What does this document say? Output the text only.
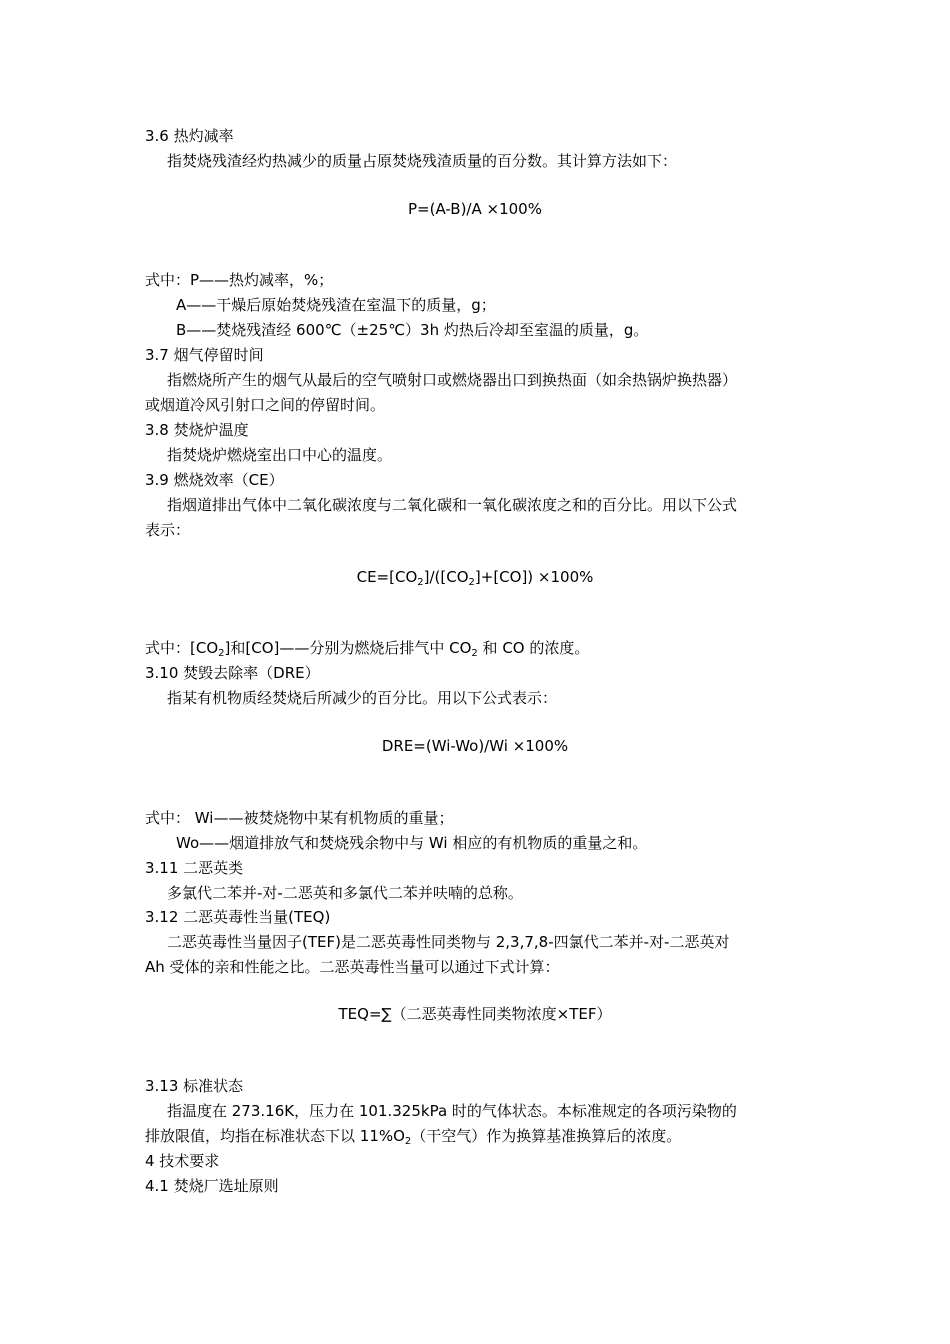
3.6 热灼减率
指焚烧残渣经灼热减少的质量占原焚烧残渣质量的百分数。其计算方法如下：
P=(A-B)/A ×100%
式中：P——热灼减率，%；
A——干燥后原始焚烧残渣在室温下的质量，g；
B——焚烧残渣经 600℃（±25℃）3h 灼热后冷却至室温的质量，g。
3.7 烟气停留时间
指燃烧所产生的烟气从最后的空气喷射口或燃烧器出口到换热面（如余热锅炉换热器）
或烟道冷风引射口之间的停留时间。
3.8 焚烧炉温度
指焚烧炉燃烧室出口中心的温度。
3.9 燃烧效率（CE）
指烟道排出气体中二氧化碳浓度与二氧化碳和一氧化碳浓度之和的百分比。用以下公式
表示：
$CE=[CO_2]/([CO_2]+[CO]) \times 100\%$
式中：$[CO_2]$和[CO]——分别为燃烧后排气中 $CO_2$ 和 CO 的浓度。
3.10 焚毁去除率（DRE）
指某有机物质经焚烧后所减少的百分比。用以下公式表示：
DRE=(Wi-Wo)/Wi ×100%
式中： Wi——被焚烧物中某有机物质的重量；
Wo——烟道排放气和焚烧残余物中与 Wi 相应的有机物质的重量之和。
3.11 二恶英类
多氯代二苯并-对-二恶英和多氯代二苯并呋喃的总称。
3.12 二恶英毒性当量(TEQ)
二恶英毒性当量因子(TEF)是二恶英毒性同类物与 2,3,7,8-四氯代二苯并-对-二恶英对
Ah 受体的亲和性能之比。二恶英毒性当量可以通过下式计算：
TEQ=∑（二恶英毒性同类物浓度×TEF）
3.13 标准状态
指温度在 273.16K，压力在 101.325kPa 时的气体状态。本标准规定的各项污染物的
排放限值，均指在标准状态下以 $11\%O_2$（干空气）作为换算基准换算后的浓度。
4 技术要求
4.1 焚烧厂选址原则
